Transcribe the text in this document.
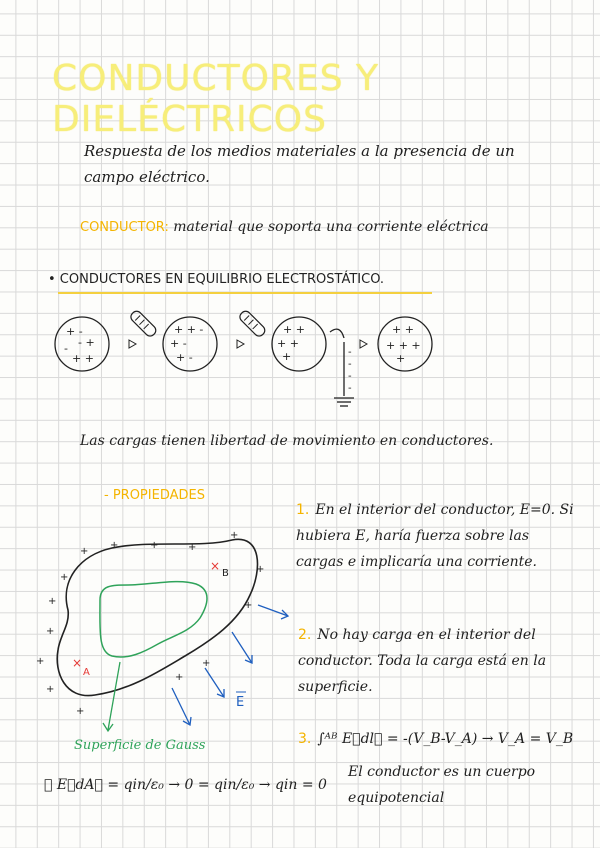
CONDUCTORES Y DIELÉCTRICOS
Respuesta de los medios materiales a la presencia de un campo eléctrico.
CONDUCTOR: material que soporta una corriente eléctrica
• CONDUCTORES EN EQUILIBRIO ELECTROSTÁTICO.
+ -
- +
-
+ +
+ + -
+ -
+ -
+ +
+ +
+	-
-
-
-
+ +
+ + +
+
+
+	+	+
+
+
+
+
+
+
+
+
+
+
+
×
A
×
B
E
Las cargas tienen libertad de movimiento en conductores.
- PROPIEDADES
1. En el interior del conductor, E=0. Si hubiera E, haría fuerza sobre las cargas e implicaría una corriente.
2. No hay carga en el interior del conductor. Toda la carga está en la superficie.
3. ∫ᴬᴮ E⃗dl⃗ = -(V_B-V_A) → V_A = V_B
El conductor es un cuerpo equipotencial
Superficie de Gauss
∯ E⃗dA⃗ = qin/ε₀ → 0 = qin/ε₀ → qin = 0
